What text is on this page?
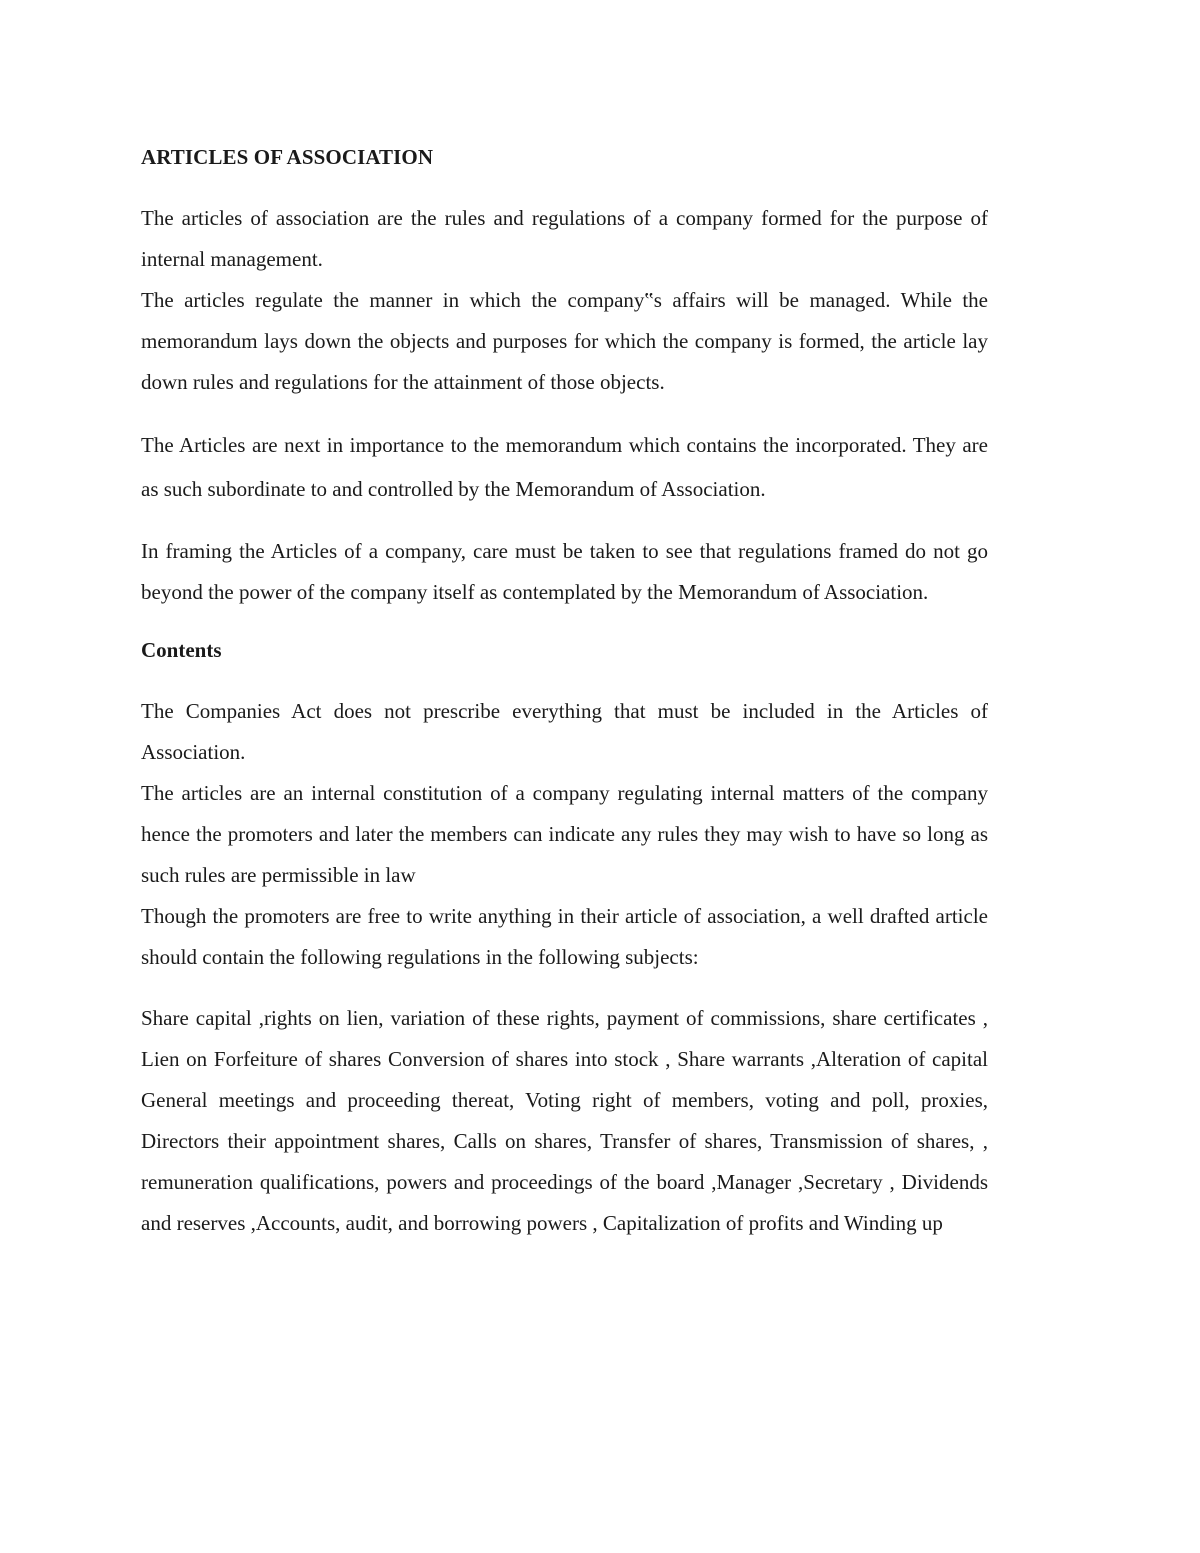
ARTICLES OF ASSOCIATION

The articles of association are the rules and regulations of a company formed for the purpose of internal management.

The articles regulate the manner in which the company‟s affairs will be managed. While the memorandum lays down the objects and purposes for which the company is formed, the article lay down rules and regulations for the attainment of those objects.

The Articles are next in importance to the memorandum which contains the incorporated. They are as such subordinate to and controlled by the Memorandum of Association.

In framing the Articles of a company, care must be taken to see that regulations framed do not go beyond the power of the company itself as contemplated by the Memorandum of Association.

Contents

The Companies Act does not prescribe everything that must be included in the Articles of Association.

The articles are an internal constitution of a company regulating internal matters of the company hence the promoters and later the members can indicate any rules they may wish to have so long as such rules are permissible in law

Though the promoters are free to write anything in their article of association, a well drafted article should contain the following regulations in the following subjects:

Share capital ,rights on lien, variation of these rights, payment of commissions, share certificates , Lien on Forfeiture of shares Conversion of shares into stock , Share warrants ,Alteration of capital General meetings and proceeding thereat, Voting right of members, voting and poll, proxies, Directors their appointment shares, Calls on shares, Transfer of shares, Transmission of shares, , remuneration qualifications, powers and proceedings of the board ,Manager ,Secretary , Dividends and reserves ,Accounts, audit, and borrowing powers , Capitalization of profits and Winding up
